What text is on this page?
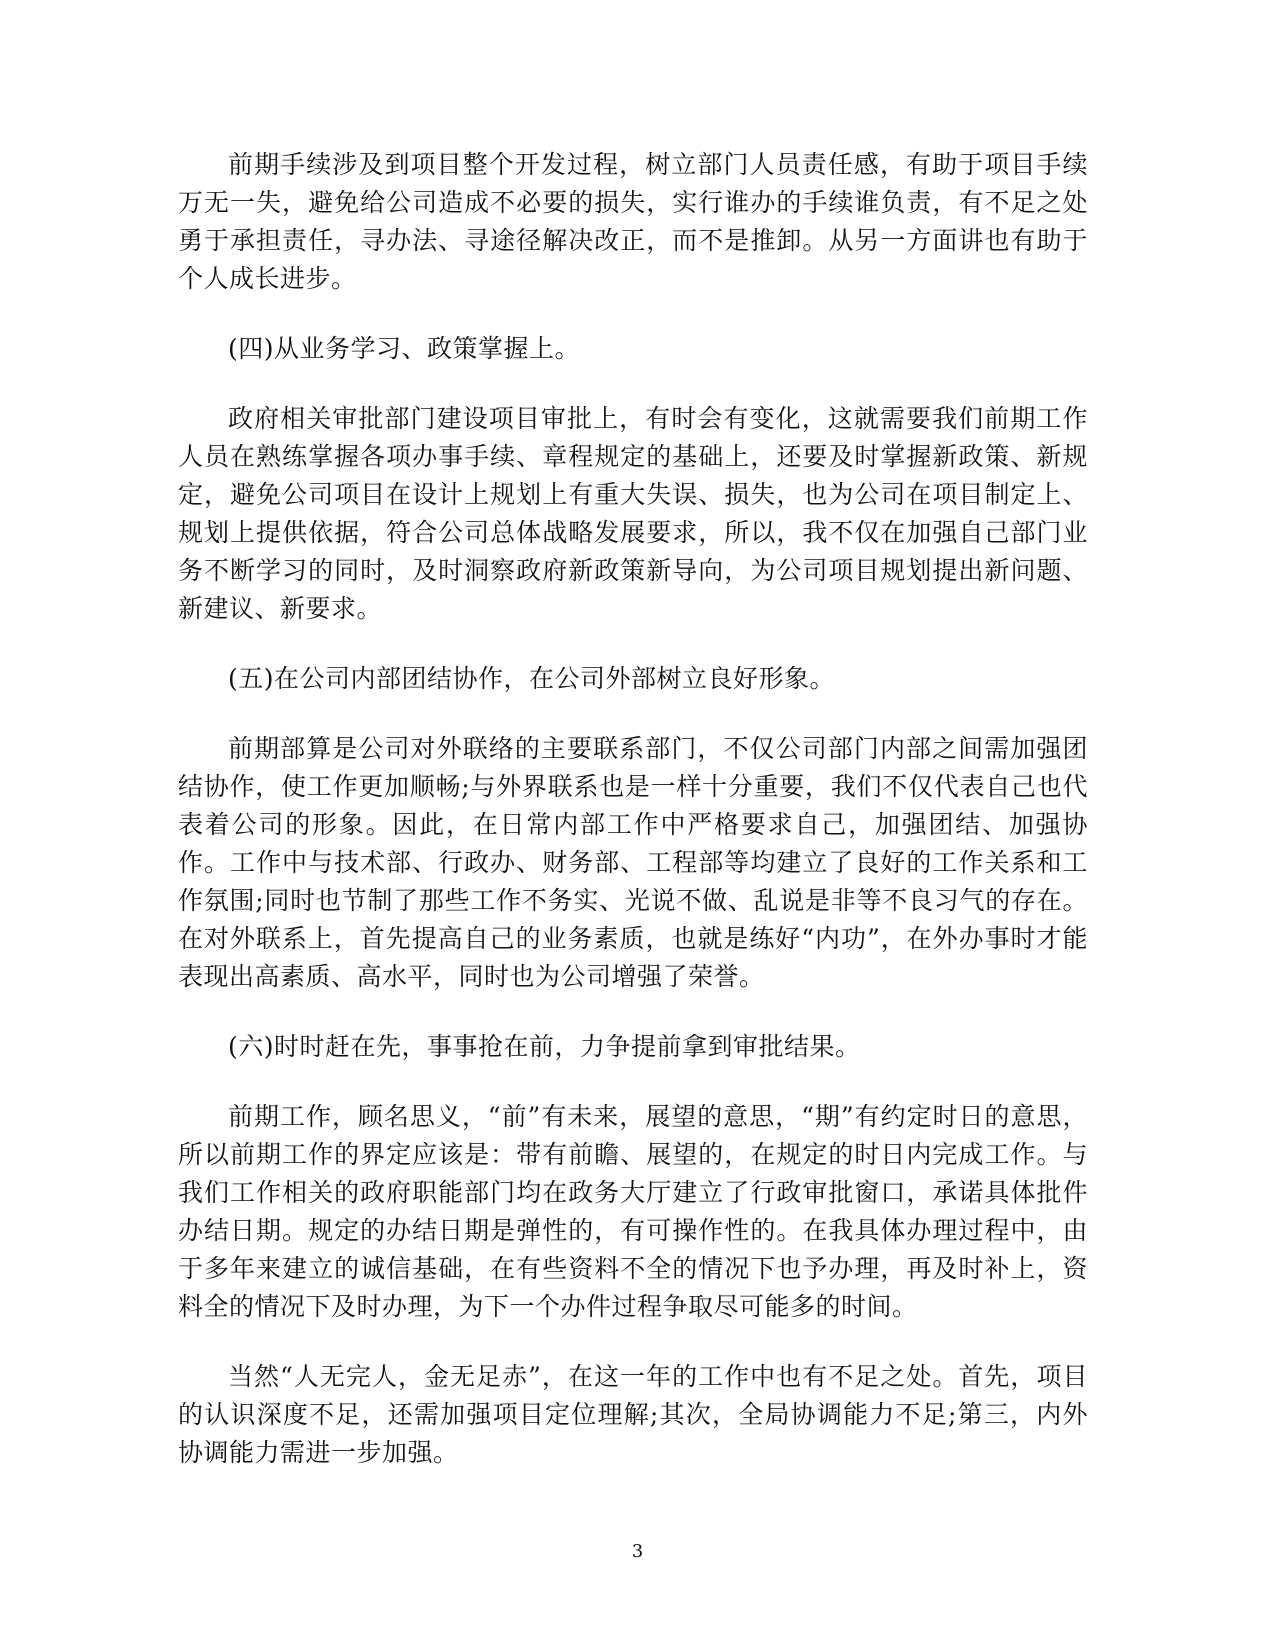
前期手续涉及到项目整个开发过程，树立部门人员责任感，有助于项目手续万无一失，避免给公司造成不必要的损失，实行谁办的手续谁负责，有不足之处勇于承担责任，寻办法、寻途径解决改正，而不是推卸。从另一方面讲也有助于个人成长进步。

(四)从业务学习、政策掌握上。

政府相关审批部门建设项目审批上，有时会有变化，这就需要我们前期工作人员在熟练掌握各项办事手续、章程规定的基础上，还要及时掌握新政策、新规定，避免公司项目在设计上规划上有重大失误、损失，也为公司在项目制定上、规划上提供依据，符合公司总体战略发展要求，所以，我不仅在加强自己部门业务不断学习的同时，及时洞察政府新政策新导向，为公司项目规划提出新问题、新建议、新要求。

(五)在公司内部团结协作，在公司外部树立良好形象。

前期部算是公司对外联络的主要联系部门，不仅公司部门内部之间需加强团结协作，使工作更加顺畅;与外界联系也是一样十分重要，我们不仅代表自己也代表着公司的形象。因此，在日常内部工作中严格要求自己，加强团结、加强协作。工作中与技术部、行政办、财务部、工程部等均建立了良好的工作关系和工作氛围;同时也节制了那些工作不务实、光说不做、乱说是非等不良习气的存在。在对外联系上，首先提高自己的业务素质，也就是练好“内功”，在外办事时才能表现出高素质、高水平，同时也为公司增强了荣誉。

(六)时时赶在先，事事抢在前，力争提前拿到审批结果。

前期工作，顾名思义，“前”有未来，展望的意思，“期”有约定时日的意思，所以前期工作的界定应该是：带有前瞻、展望的，在规定的时日内完成工作。与我们工作相关的政府职能部门均在政务大厅建立了行政审批窗口，承诺具体批件办结日期。规定的办结日期是弹性的，有可操作性的。在我具体办理过程中，由于多年来建立的诚信基础，在有些资料不全的情况下也予办理，再及时补上，资料全的情况下及时办理，为下一个办件过程争取尽可能多的时间。

当然“人无完人，金无足赤”，在这一年的工作中也有不足之处。首先，项目的认识深度不足，还需加强项目定位理解;其次，全局协调能力不足;第三，内外协调能力需进一步加强。

3
